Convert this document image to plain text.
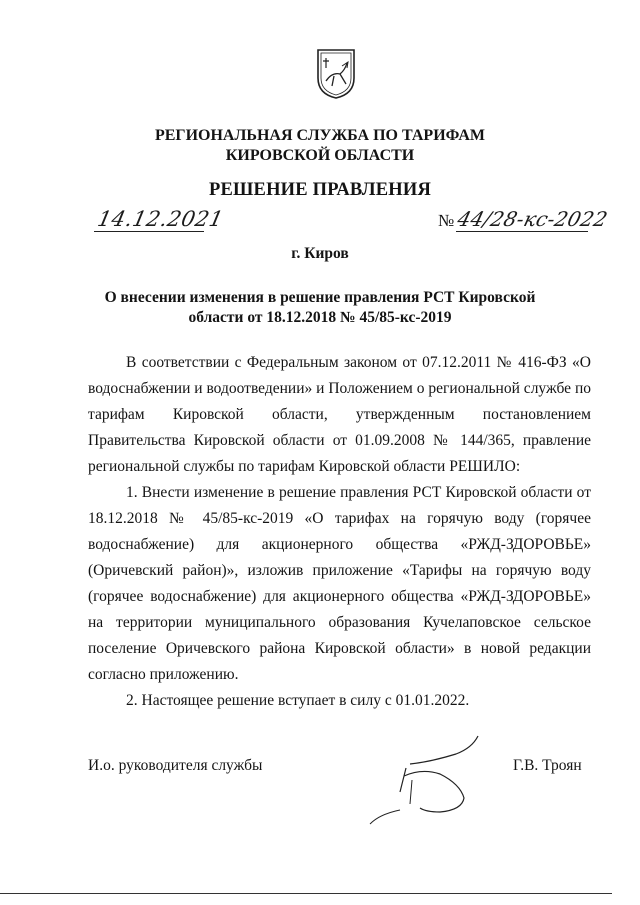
РЕГИОНАЛЬНАЯ СЛУЖБА ПО ТАРИФАМ
КИРОВСКОЙ ОБЛАСТИ
РЕШЕНИЕ ПРАВЛЕНИЯ
14.12.2021	№ 44/28-кс-2022
г. Киров
О внесении изменения в решение правления РСТ Кировской
области от 18.12.2018 № 45/85-кс-2019

В соответствии с Федеральным законом от 07.12.2011 № 416-ФЗ «О водоснабжении и водоотведении» и Положением о региональной службе по тарифам Кировской области, утвержденным постановлением Правительства Кировской области от 01.09.2008 № 144/365, правление региональной службы по тарифам Кировской области РЕШИЛО:

1. Внести изменение в решение правления РСТ Кировской области от 18.12.2018 № 45/85-кс-2019 «О тарифах на горячую воду (горячее водоснабжение) для акционерного общества «РЖД-ЗДОРОВЬЕ» (Оричевский район)», изложив приложение «Тарифы на горячую воду (горячее водоснабжение) для акционерного общества «РЖД-ЗДОРОВЬЕ» на территории муниципального образования Кучелаповское сельское поселение Оричевского района Кировской области» в новой редакции согласно приложению.

2. Настоящее решение вступает в силу с 01.01.2022.

И.о. руководителя службы	Г.В. Троян
